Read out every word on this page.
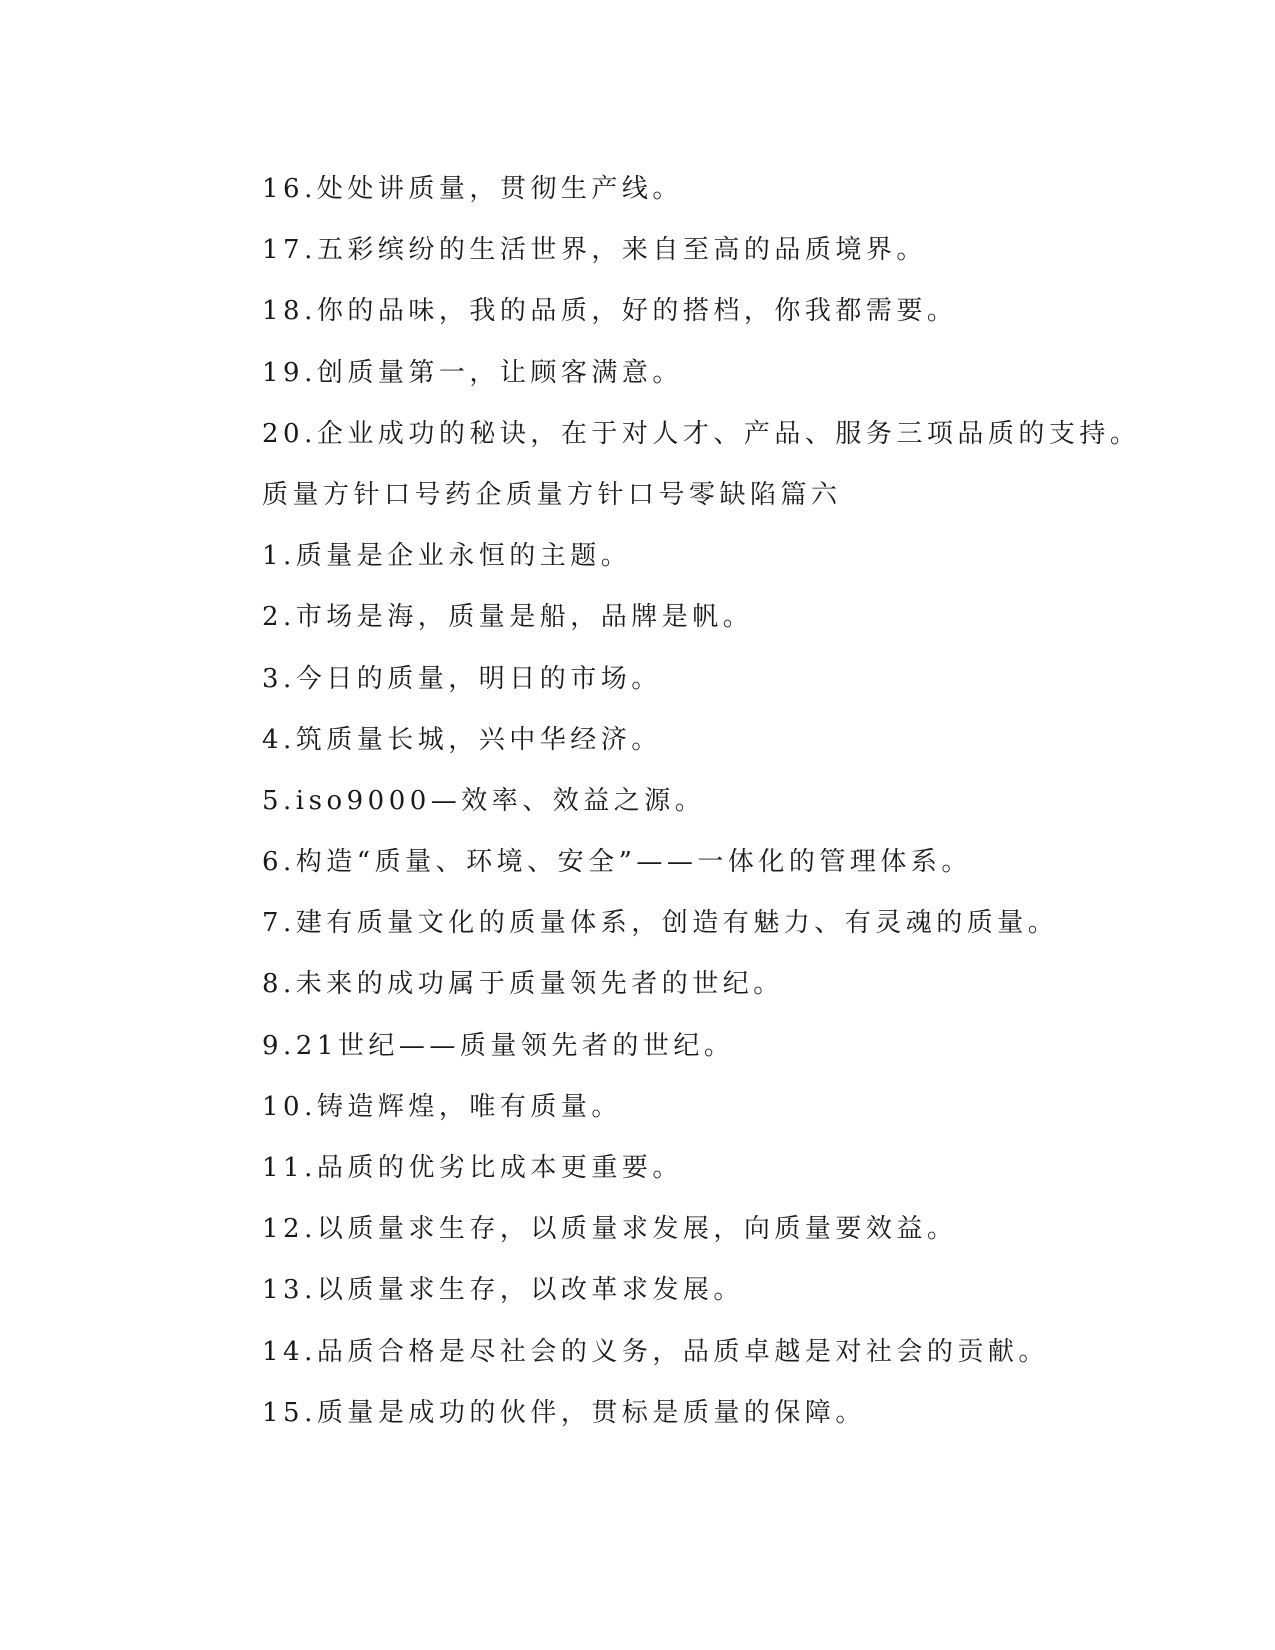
16.处处讲质量，贯彻生产线。
17.五彩缤纷的生活世界，来自至高的品质境界。
18.你的品味，我的品质，好的搭档，你我都需要。
19.创质量第一，让顾客满意。
20.企业成功的秘诀，在于对人才、产品、服务三项品质的支持。
质量方针口号药企质量方针口号零缺陷篇六
1.质量是企业永恒的主题。
2.市场是海，质量是船，品牌是帆。
3.今日的质量，明日的市场。
4.筑质量长城，兴中华经济。
5.iso9000—效率、效益之源。
6.构造“质量、环境、安全”——一体化的管理体系。
7.建有质量文化的质量体系，创造有魅力、有灵魂的质量。
8.未来的成功属于质量领先者的世纪。
9.21世纪——质量领先者的世纪。
10.铸造辉煌，唯有质量。
11.品质的优劣比成本更重要。
12.以质量求生存，以质量求发展，向质量要效益。
13.以质量求生存，以改革求发展。
14.品质合格是尽社会的义务，品质卓越是对社会的贡献。
15.质量是成功的伙伴，贯标是质量的保障。
